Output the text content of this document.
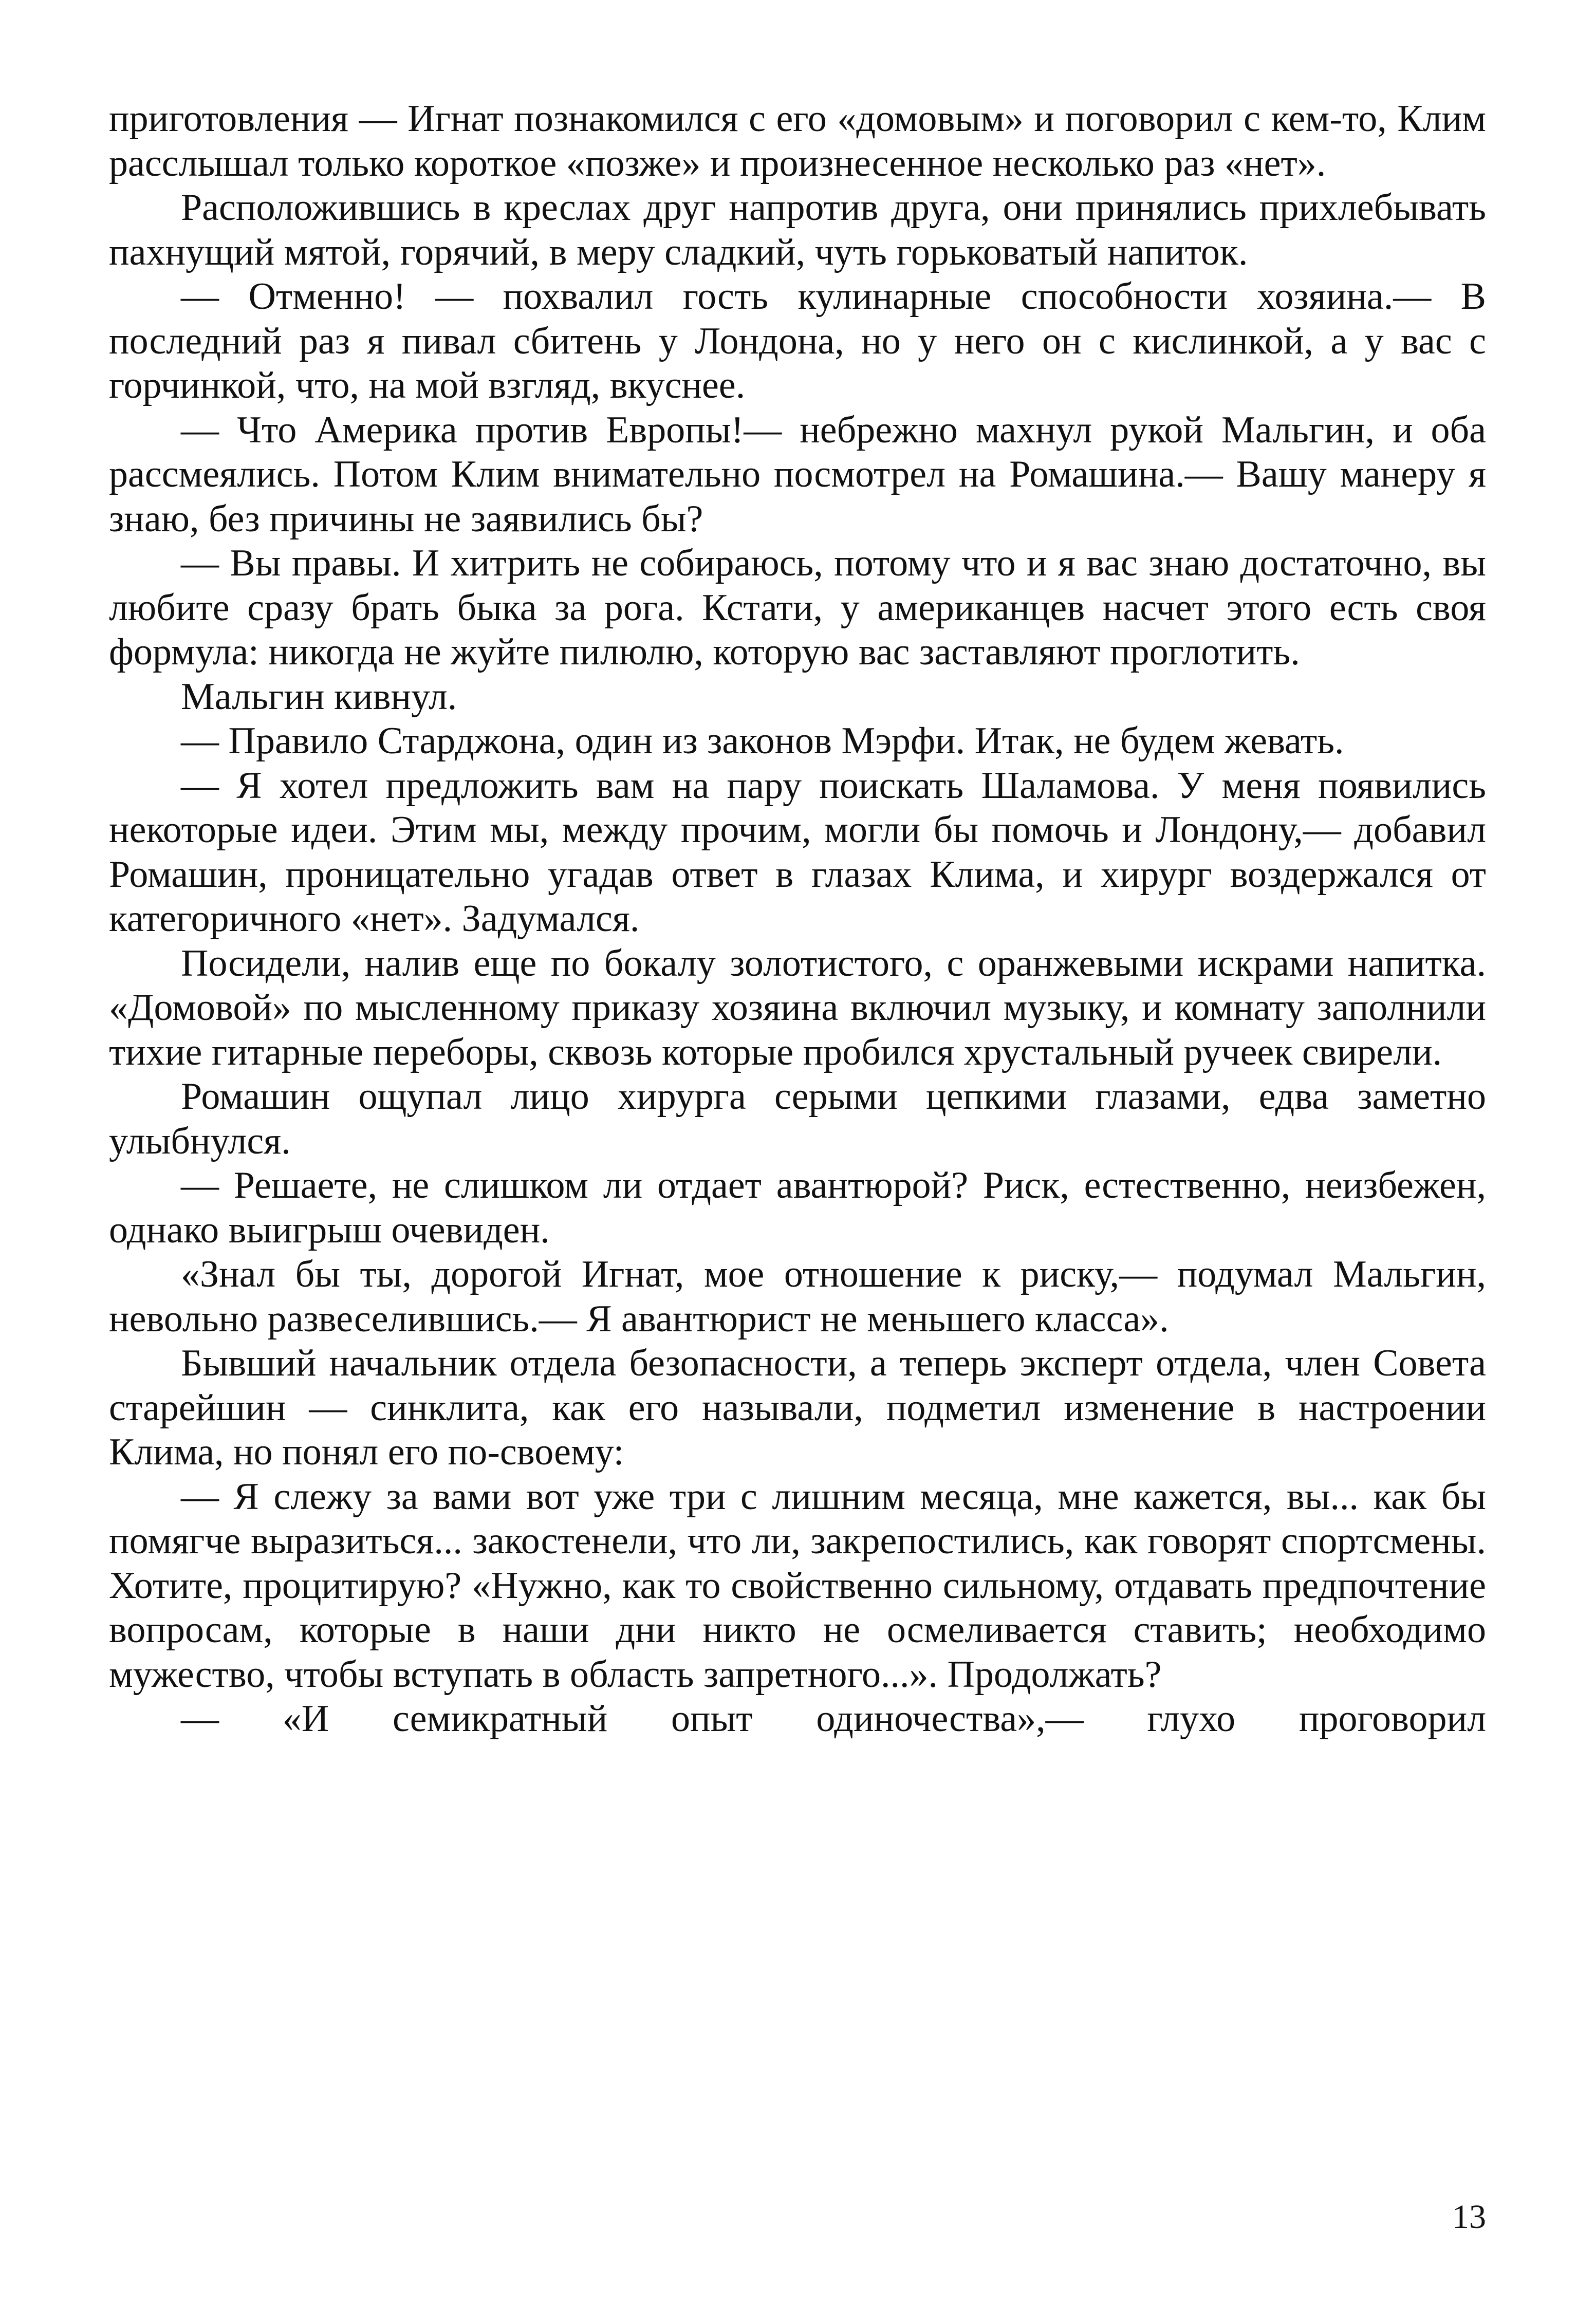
приготовления — Игнат познакомился с его «домовым» и поговорил с кем-то, Клим расслышал только короткое «позже» и произнесенное несколько раз «нет».

Расположившись в креслах друг напротив друга, они принялись прихлебывать пахнущий мятой, горячий, в меру сладкий, чуть горьковатый напиток.

— Отменно! — похвалил гость кулинарные способности хозяина.— В последний раз я пивал сбитень у Лондона, но у него он с кислинкой, а у вас с горчинкой, что, на мой взгляд, вкуснее.

— Что Америка против Европы!— небрежно махнул рукой Мальгин, и оба рассмеялись. Потом Клим внимательно посмотрел на Ромашина.— Вашу манеру я знаю, без причины не заявились бы?

— Вы правы. И хитрить не собираюсь, потому что и я вас знаю достаточно, вы любите сразу брать быка за рога. Кстати, у американцев насчет этого есть своя формула: никогда не жуйте пилюлю, которую вас заставляют проглотить.

Мальгин кивнул.

— Правило Старджона, один из законов Мэрфи. Итак, не будем жевать.

— Я хотел предложить вам на пару поискать Шаламова. У меня появились некоторые идеи. Этим мы, между прочим, могли бы помочь и Лондону,— добавил Ромашин, проницательно угадав ответ в глазах Клима, и хирург воздержался от категоричного «нет». Задумался.

Посидели, налив еще по бокалу золотистого, с оранжевыми искрами напитка. «Домовой» по мысленному приказу хозяина включил музыку, и комнату заполнили тихие гитарные переборы, сквозь которые пробился хрустальный ручеек свирели.

Ромашин ощупал лицо хирурга серыми цепкими глазами, едва заметно улыбнулся.

— Решаете, не слишком ли отдает авантюрой? Риск, естественно, неизбежен, однако выигрыш очевиден.

«Знал бы ты, дорогой Игнат, мое отношение к риску,— подумал Мальгин, невольно развеселившись.— Я авантюрист не меньшего класса».

Бывший начальник отдела безопасности, а теперь эксперт отдела, член Совета старейшин — синклита, как его называли, подметил изменение в настроении Клима, но понял его по-своему:

— Я слежу за вами вот уже три с лишним месяца, мне кажется, вы... как бы помягче выразиться... закостенели, что ли, закрепостились, как говорят спортсмены. Хотите, процитирую? «Нужно, как то свойственно сильному, отдавать предпочтение вопросам, которые в наши дни никто не осмеливается ставить; необходимо мужество, чтобы вступать в область запретного...». Продолжать?

— «И семикратный опыт одиночества»,— глухо проговорил

13
